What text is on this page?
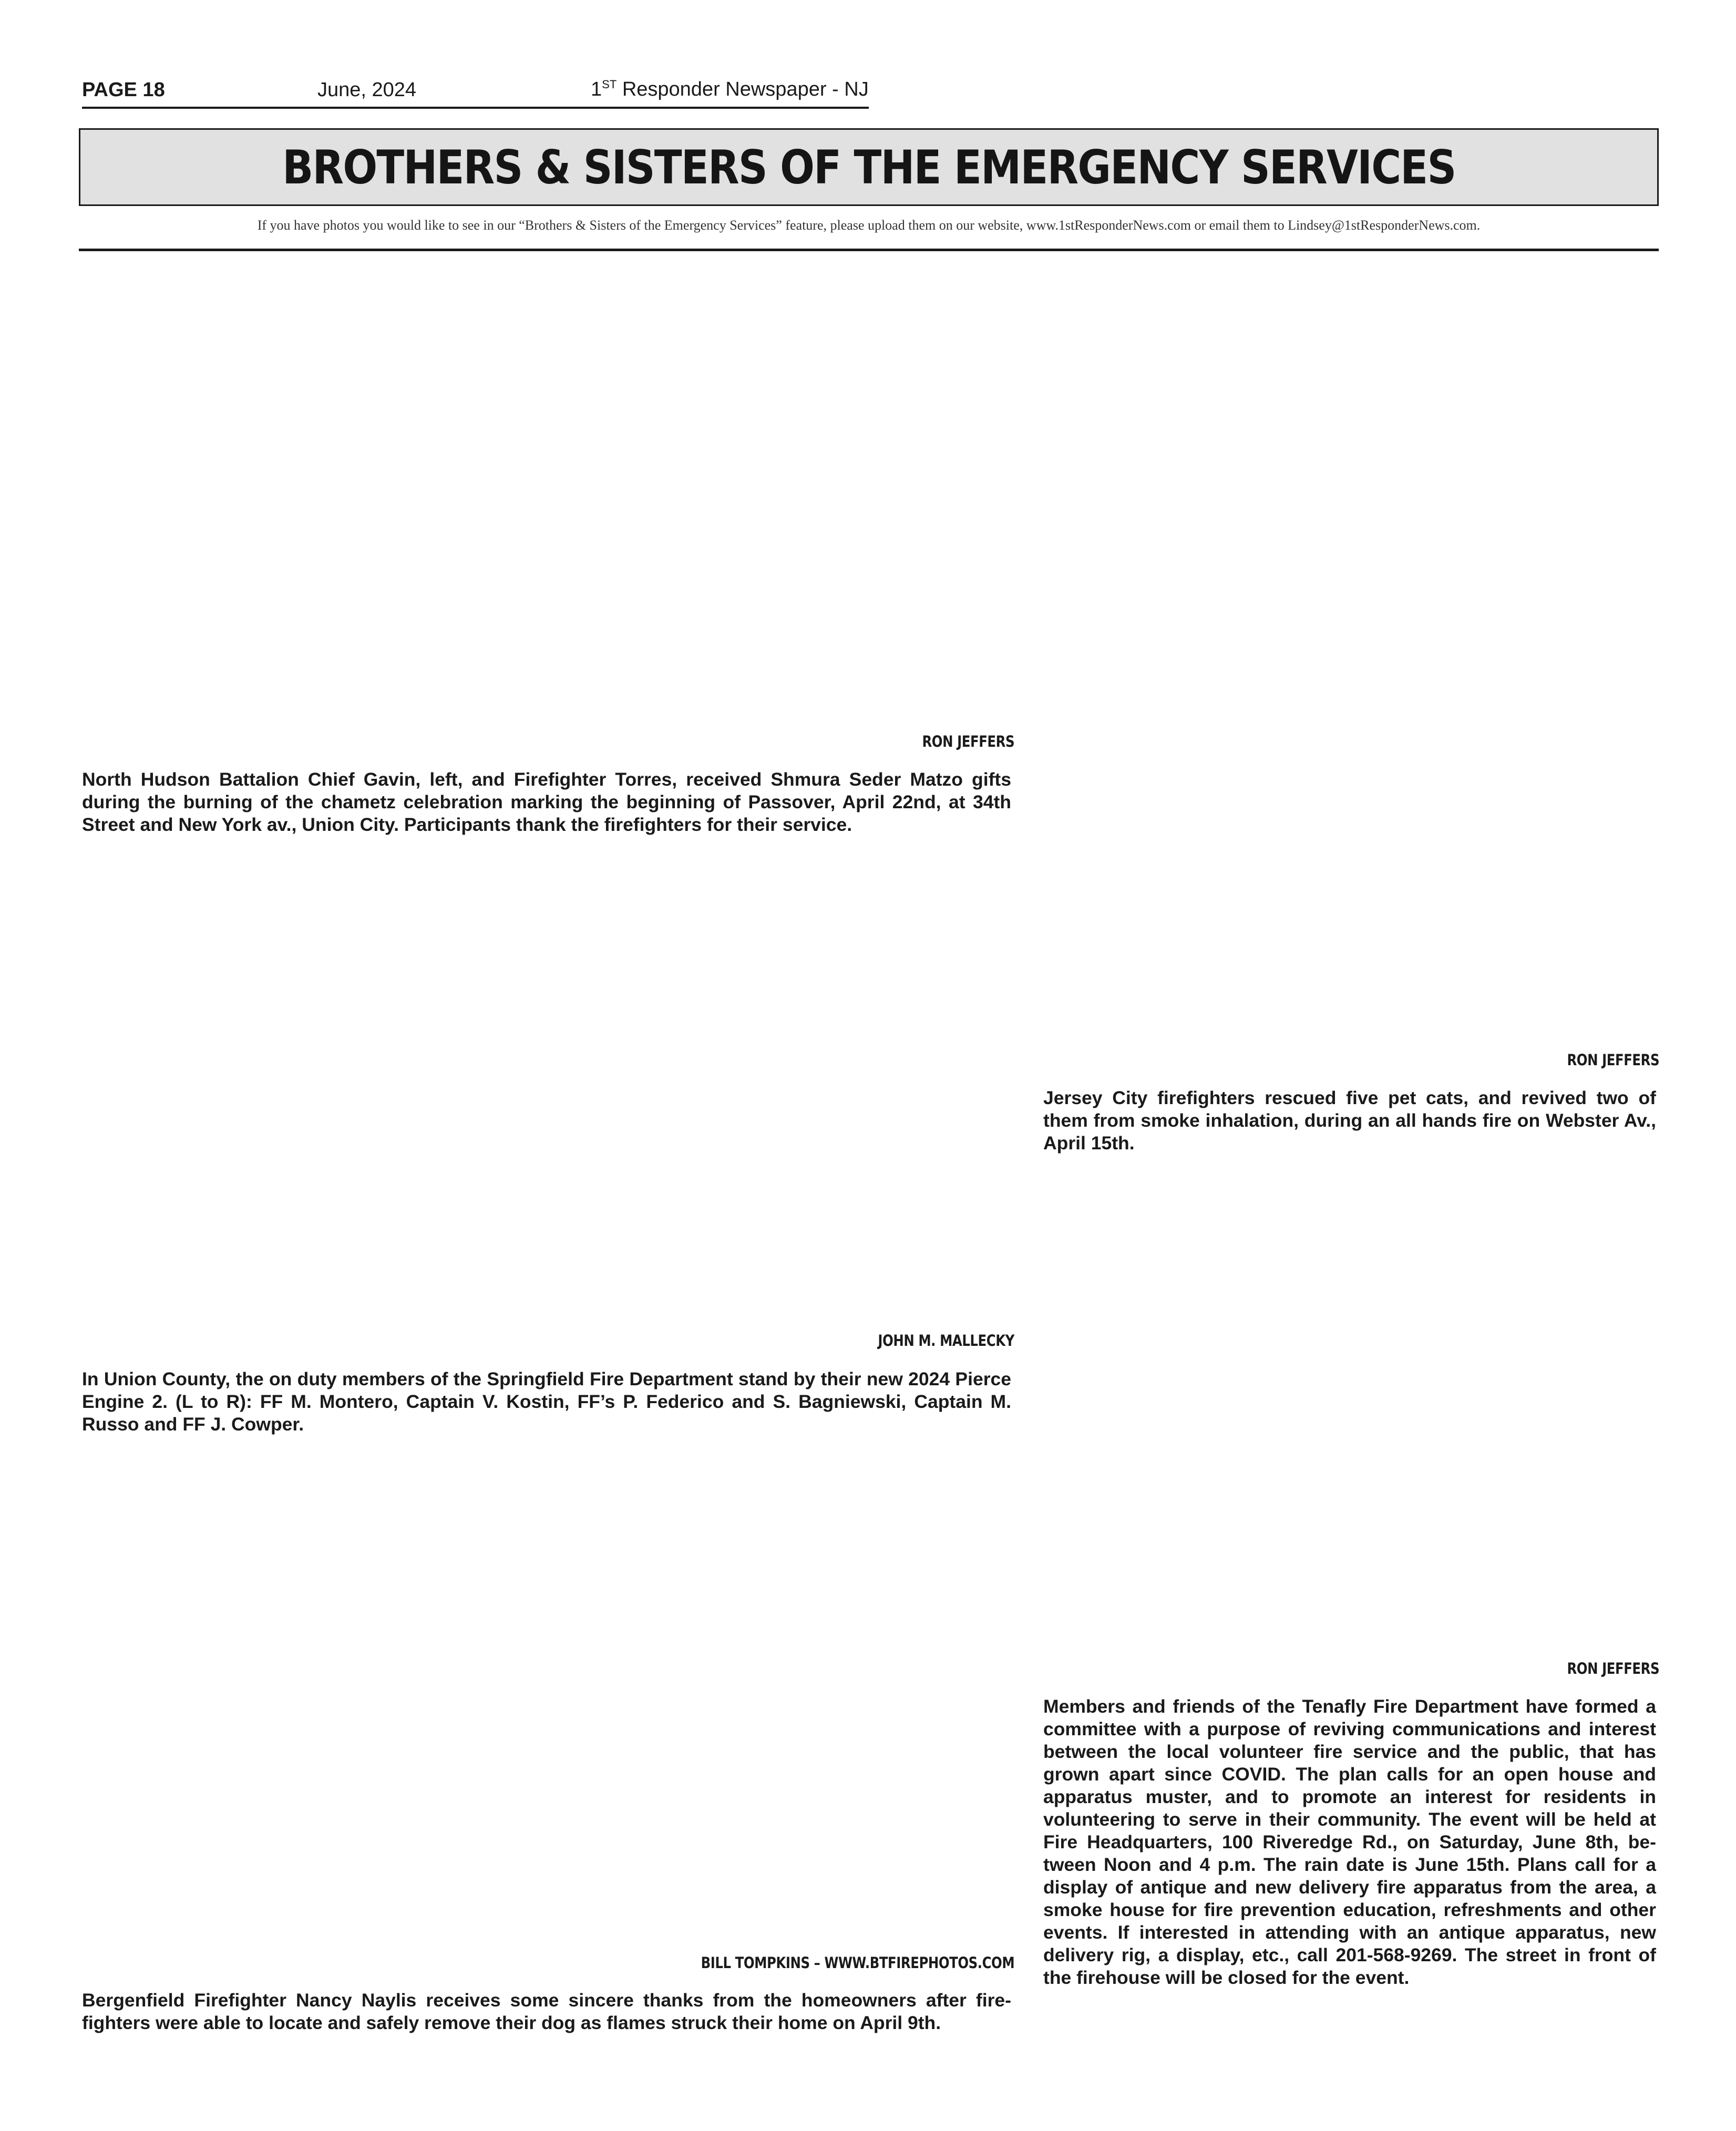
PAGE 18	June, 2024	1ST Responder Newspaper - NJ
BROTHERS & SISTERS OF THE EMERGENCY SERVICES
If you have photos you would like to see in our “Brothers & Sisters of the Emergency Services” feature, please upload them on our website, www.1stResponderNews.com or email them to Lindsey@1stResponderNews.com.
RON JEFFERS
North Hudson Battalion Chief Gavin, left, and Firefighter Torres, received Shmura Seder Matzo gifts during the burning of the chametz celebration marking the beginning of Passover, April 22nd, at 34th Street and New York av., Union City. Participants thank the firefighters for their service.
RON JEFFERS
Jersey City firefighters rescued five pet cats, and revived two of them from smoke inhalation, during an all hands fire on Webster Av., April 15th.
JOHN M. MALLECKY
In Union County, the on duty members of the Springfield Fire Department stand by their new 2024 Pierce Engine 2. (L to R): FF M. Montero, Captain V. Kostin, FF’s P. Federico and S. Bagniewski, Captain M. Russo and FF J. Cowper.
RON JEFFERS
Members and friends of the Tenafly Fire Department have formed a committee with a purpose of reviving communications and interest between the local volunteer fire service and the public, that has grown apart since COVID. The plan calls for an open house and apparatus muster, and to promote an interest for residents in volunteering to serve in their community. The event will be held at Fire Headquarters, 100 Riveredge Rd., on Saturday, June 8th, between Noon and 4 p.m. The rain date is June 15th. Plans call for a display of antique and new delivery fire apparatus from the area, a smoke house for fire prevention education, refreshments and other events. If interested in attending with an antique apparatus, new delivery rig, a display, etc., call 201-568-9269. The street in front of the firehouse will be closed for the event.
BILL TOMPKINS – WWW.BTFIREPHOTOS.COM
Bergenfield Firefighter Nancy Naylis receives some sincere thanks from the homeowners after firefighters were able to locate and safely remove their dog as flames struck their home on April 9th.
